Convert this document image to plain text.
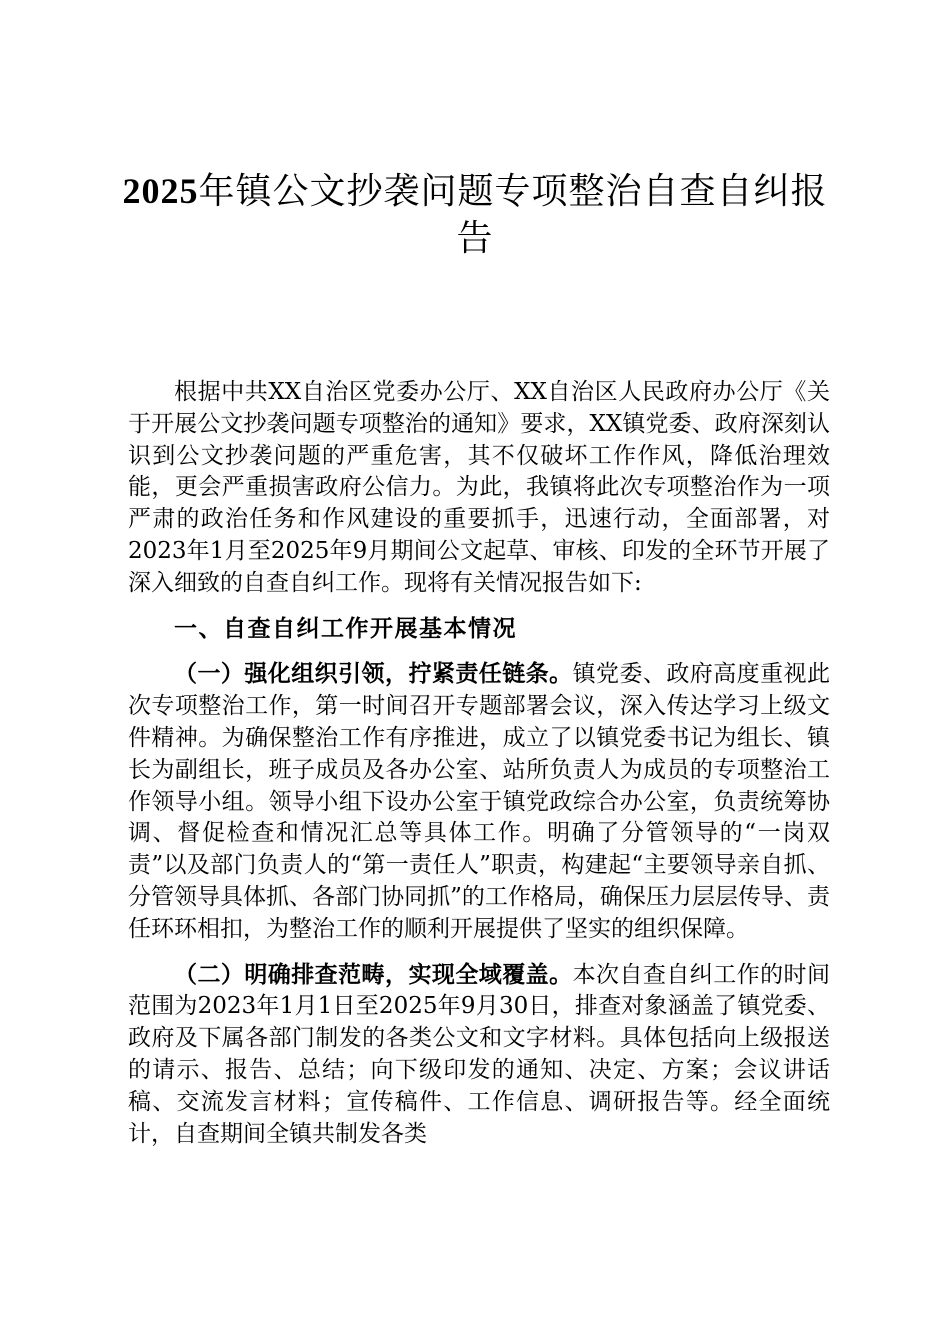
2025年镇公文抄袭问题专项整治自查自纠报告

根据中共XX自治区党委办公厅、XX自治区人民政府办公厅《关于开展公文抄袭问题专项整治的通知》要求，XX镇党委、政府深刻认识到公文抄袭问题的严重危害，其不仅破坏工作作风，降低治理效能，更会严重损害政府公信力。为此，我镇将此次专项整治作为一项严肃的政治任务和作风建设的重要抓手，迅速行动，全面部署，对2023年1月至2025年9月期间公文起草、审核、印发的全环节开展了深入细致的自查自纠工作。现将有关情况报告如下:

一、自查自纠工作开展基本情况

（一）强化组织引领，拧紧责任链条。镇党委、政府高度重视此次专项整治工作，第一时间召开专题部署会议，深入传达学习上级文件精神。为确保整治工作有序推进，成立了以镇党委书记为组长、镇长为副组长，班子成员及各办公室、站所负责人为成员的专项整治工作领导小组。领导小组下设办公室于镇党政综合办公室，负责统筹协调、督促检查和情况汇总等具体工作。明确了分管领导的“一岗双责”以及部门负责人的“第一责任人”职责，构建起“主要领导亲自抓、分管领导具体抓、各部门协同抓”的工作格局，确保压力层层传导、责任环环相扣，为整治工作的顺利开展提供了坚实的组织保障。

（二）明确排查范畴，实现全域覆盖。本次自查自纠工作的时间范围为2023年1月1日至2025年9月30日，排查对象涵盖了镇党委、政府及下属各部门制发的各类公文和文字材料。具体包括向上级报送的请示、报告、总结；向下级印发的通知、决定、方案；会议讲话稿、交流发言材料；宣传稿件、工作信息、调研报告等。经全面统计，自查期间全镇共制发各类
